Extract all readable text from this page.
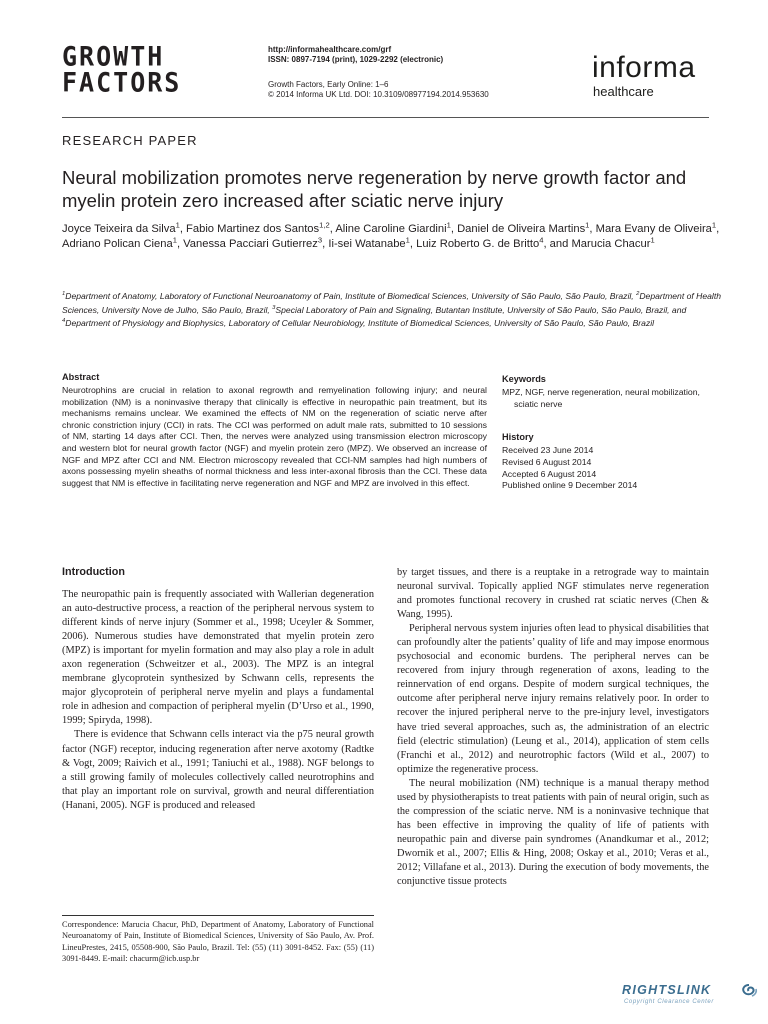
GROWTH
FACTORS
http://informahealthcare.com/grf
ISSN: 0897-7194 (print), 1029-2292 (electronic)
Growth Factors, Early Online: 1–6
© 2014 Informa UK Ltd. DOI: 10.3109/08977194.2014.953630
informa
healthcare
RESEARCH PAPER
Neural mobilization promotes nerve regeneration by nerve growth factor and myelin protein zero increased after sciatic nerve injury
Joyce Teixeira da Silva$^1$, Fabio Martinez dos Santos$^{1,2}$, Aline Caroline Giardini$^1$, Daniel de Oliveira Martins$^1$, Mara Evany de Oliveira$^1$, Adriano Polican Ciena$^1$, Vanessa Pacciari Gutierrez$^3$, Ii-sei Watanabe$^1$, Luiz Roberto G. de Britto$^4$, and Marucia Chacur$^1$
$^1$Department of Anatomy, Laboratory of Functional Neuroanatomy of Pain, Institute of Biomedical Sciences, University of São Paulo, São Paulo, Brazil, $^2$Department of Health Sciences, University Nove de Julho, São Paulo, Brazil, $^3$Special Laboratory of Pain and Signaling, Butantan Institute, University of São Paulo, São Paulo, Brazil, and $^4$Department of Physiology and Biophysics, Laboratory of Cellular Neurobiology, Institute of Biomedical Sciences, University of São Paulo, São Paulo, Brazil
Abstract

Neurotrophins are crucial in relation to axonal regrowth and remyelination following injury; and neural mobilization (NM) is a noninvasive therapy that clinically is effective in neuropathic pain treatment, but its mechanisms remains unclear. We examined the effects of NM on the regeneration of sciatic nerve after chronic constriction injury (CCI) in rats. The CCI was performed on adult male rats, submitted to 10 sessions of NM, starting 14 days after CCI. Then, the nerves were analyzed using transmission electron microscopy and western blot for neural growth factor (NGF) and myelin protein zero (MPZ). We observed an increase of NGF and MPZ after CCI and NM. Electron microscopy revealed that CCI-NM samples had high numbers of axons possessing myelin sheaths of normal thickness and less inter-axonal fibrosis than the CCI. These data suggest that NM is effective in facilitating nerve regeneration and NGF and MPZ are involved in this effect.

Keywords

MPZ, NGF, nerve regeneration, neural mobilization, sciatic nerve

History
Received 23 June 2014
Revised 6 August 2014
Accepted 6 August 2014
Published online 9 December 2014
Introduction

The neuropathic pain is frequently associated with Wallerian degeneration an auto-destructive process, a reaction of the peripheral nervous system to different kinds of nerve injury (Sommer et al., 1998; Uceyler & Sommer, 2006). Numerous studies have demonstrated that myelin protein zero (MPZ) is important for myelin formation and may also play a role in adult axon regeneration (Schweitzer et al., 2003). The MPZ is an integral membrane glycoprotein synthesized by Schwann cells, represents the major glycoprotein of peripheral nerve myelin and plays a fundamental role in adhesion and compaction of peripheral myelin (D’Urso et al., 1990, 1999; Spiryda, 1998).

There is evidence that Schwann cells interact via the p75 neural growth factor (NGF) receptor, inducing regeneration after nerve axotomy (Radtke & Vogt, 2009; Raivich et al., 1991; Taniuchi et al., 1988). NGF belongs to a still growing family of molecules collectively called neurotrophins and that play an important role on survival, growth and neural differentiation (Hanani, 2005). NGF is produced and released

by target tissues, and there is a reuptake in a retrograde way to maintain neuronal survival. Topically applied NGF stimulates nerve regeneration and promotes functional recovery in crushed rat sciatic nerves (Chen & Wang, 1995).

Peripheral nervous system injuries often lead to physical disabilities that can profoundly alter the patients’ quality of life and may impose enormous psychosocial and economic burdens. The peripheral nerves can be recovered from injury through regeneration of axons, leading to the reinnervation of end organs. Despite of modern surgical techniques, the outcome after peripheral nerve injury remains relatively poor. In order to recover the injured peripheral nerve to the pre-injury level, investigators have tried several approaches, such as, the administration of an electric field (electric stimulation) (Leung et al., 2014), application of stem cells (Franchi et al., 2012) and neurotrophic factors (Wild et al., 2007) to optimize the regenerative process.

The neural mobilization (NM) technique is a manual therapy method used by physiotherapists to treat patients with pain of neural origin, such as the compression of the sciatic nerve. NM is a noninvasive technique that has been effective in improving the quality of life of patients with neuropathic pain and diverse pain syndromes (Anandkumar et al., 2012; Dwornik et al., 2007; Ellis & Hing, 2008; Oskay et al., 2010; Veras et al., 2012; Villafane et al., 2013). During the execution of body movements, the conjunctive tissue protects

Correspondence: Marucia Chacur, PhD, Department of Anatomy, Laboratory of Functional Neuroanatomy of Pain, Institute of Biomedical Sciences, University of São Paulo, Av. Prof. LineuPrestes, 2415, 05508-900, São Paulo, Brazil. Tel: (55) (11) 3091-8452. Fax: (55) (11) 3091-8449. E-mail: chacurm@icb.usp.br
RIGHTSLINK
Copyright Clearance Center
